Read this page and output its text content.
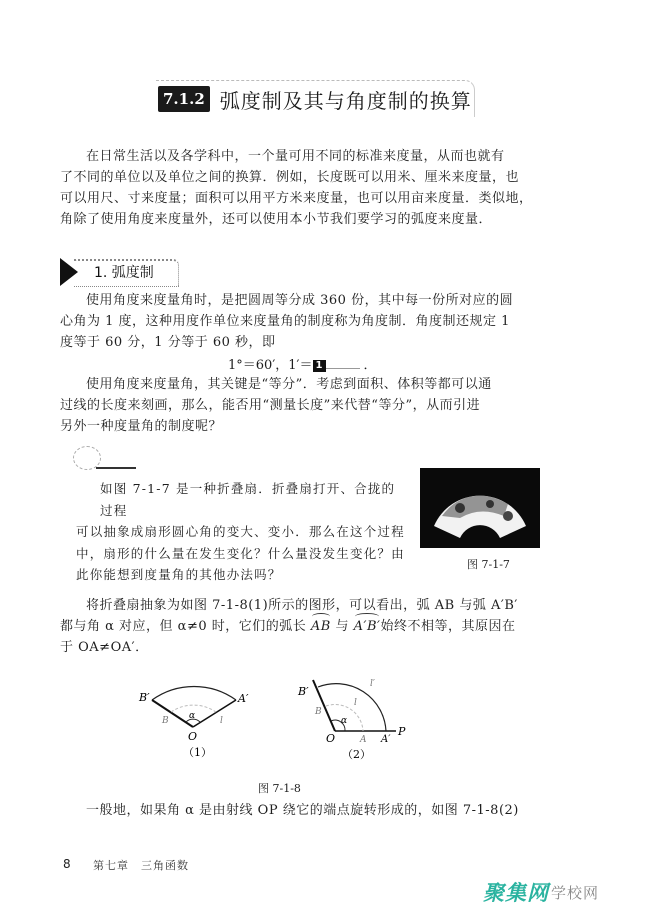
7.1.2 弧度制及其与角度制的换算
在日常生活以及各学科中，一个量可用不同的标准来度量，从而也就有
了不同的单位以及单位之间的换算．例如，长度既可以用米、厘米来度量，也
可以用尺、寸来度量；面积可以用平方米来度量，也可以用亩来度量．类似地，
角除了使用角度来度量外，还可以使用本小节我们要学习的弧度来度量．
1. 弧度制
使用角度来度量角时，是把圆周等分成 360 份，其中每一份所对应的圆
心角为 1 度，这种用度作单位来度量角的制度称为角度制．角度制还规定 1
度等于 60 分，1 分等于 60 秒，即
1°＝60′，1′＝ 1	．
使用角度来度量角，其关键是“等分”．考虑到面积、体积等都可以通
过线的长度来刻画，那么，能否用“测量长度”来代替“等分”，从而引进
另外一种度量角的制度呢？
如图 7-1-7 是一种折叠扇．折叠扇打开、合拢的过程
可以抽象成扇形圆心角的变大、变小．那么在这个过程
中，扇形的什么量在发生变化？什么量没发生变化？由
此你能想到度量角的其他办法吗？
图 7-1-7
将折叠扇抽象为如图 7-1-8(1)所示的图形，可以看出，弧 AB 与弧 A′B′
都与角 α 对应，但 α≠0 时，它们的弧长 AB 与 A′B′始终不相等，其原因在
于 OA≠OA′．
B′	A′
B	l
α
O
（1）
B′
B
α
l
l′
O	A A′
P
（2）
图 7-1-8
一般地，如果角 α 是由射线 OP 绕它的端点旋转形成的，如图 7-1-8(2)
8 第七章　三角函数
聚集网 学校网
